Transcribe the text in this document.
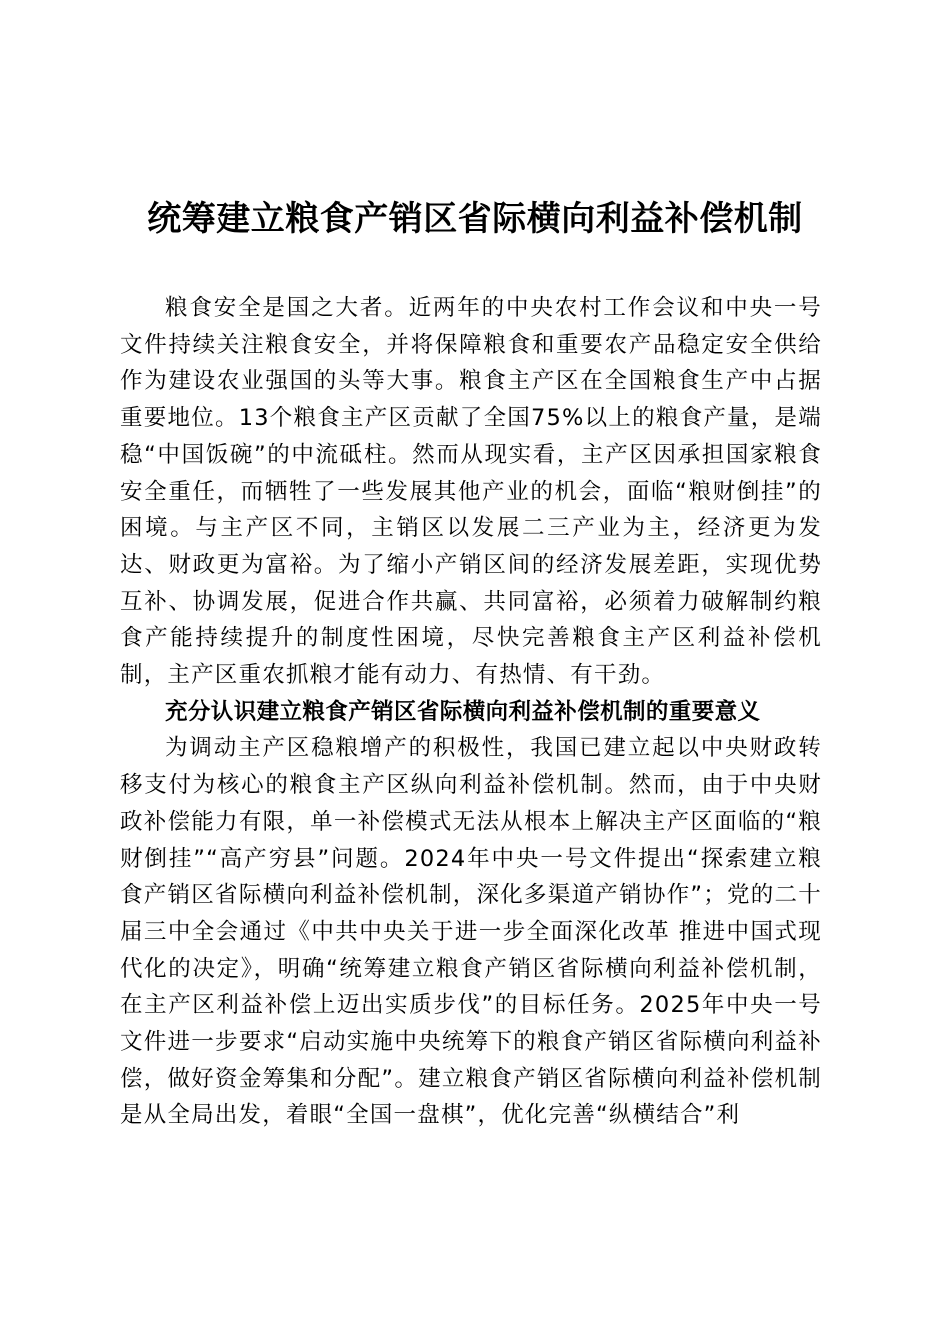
统筹建立粮食产销区省际横向利益补偿机制

粮食安全是国之大者。近两年的中央农村工作会议和中央一号文件持续关注粮食安全，并将保障粮食和重要农产品稳定安全供给作为建设农业强国的头等大事。粮食主产区在全国粮食生产中占据重要地位。13个粮食主产区贡献了全国75%以上的粮食产量，是端稳“中国饭碗”的中流砥柱。然而从现实看，主产区因承担国家粮食安全重任，而牺牲了一些发展其他产业的机会，面临“粮财倒挂”的困境。与主产区不同，主销区以发展二三产业为主，经济更为发达、财政更为富裕。为了缩小产销区间的经济发展差距，实现优势互补、协调发展，促进合作共赢、共同富裕，必须着力破解制约粮食产能持续提升的制度性困境，尽快完善粮食主产区利益补偿机制，主产区重农抓粮才能有动力、有热情、有干劲。

充分认识建立粮食产销区省际横向利益补偿机制的重要意义

为调动主产区稳粮增产的积极性，我国已建立起以中央财政转移支付为核心的粮食主产区纵向利益补偿机制。然而，由于中央财政补偿能力有限，单一补偿模式无法从根本上解决主产区面临的“粮财倒挂”“高产穷县”问题。2024年中央一号文件提出“探索建立粮食产销区省际横向利益补偿机制，深化多渠道产销协作”；党的二十届三中全会通过《中共中央关于进一步全面深化改革 推进中国式现代化的决定》，明确“统筹建立粮食产销区省际横向利益补偿机制，在主产区利益补偿上迈出实质步伐”的目标任务。2025年中央一号文件进一步要求“启动实施中央统筹下的粮食产销区省际横向利益补偿，做好资金筹集和分配”。建立粮食产销区省际横向利益补偿机制是从全局出发，着眼“全国一盘棋”，优化完善“纵横结合”利
